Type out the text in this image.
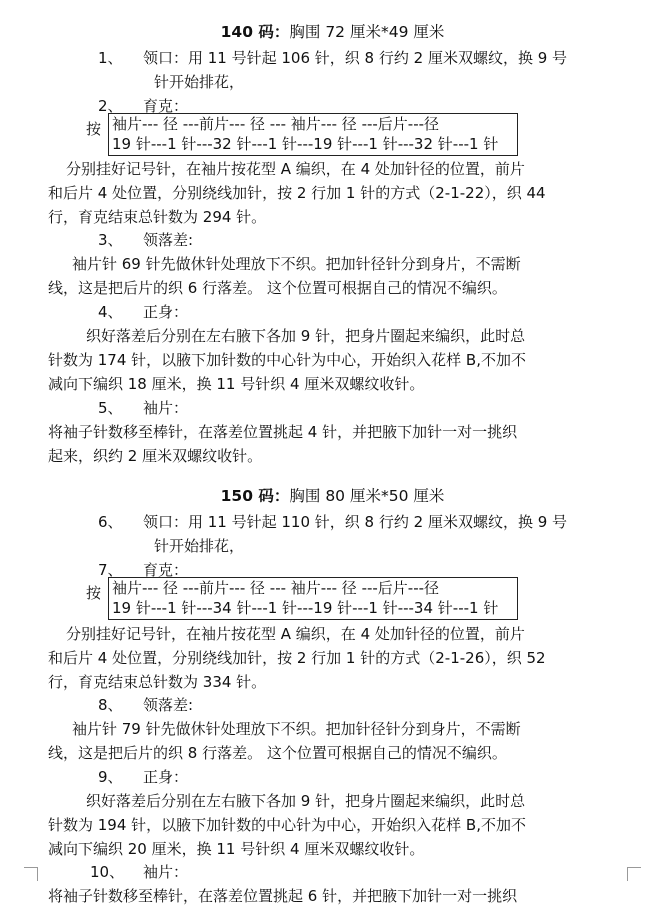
140 码：胸围 72 厘米*49 厘米
1、 领口：用 11 号针起 106 针，织 8 行约 2 厘米双螺纹，换 9 号
针开始排花，
2、 育克：
按 袖片--- 径 ---前片--- 径 --- 袖片--- 径 ---后片---径
19 针---1 针---32 针---1 针---19 针---1 针---32 针---1 针
分别挂好记号针，在袖片按花型 A 编织，在 4 处加针径的位置，前片
和后片 4 处位置，分别绕线加针，按 2 行加 1 针的方式（2-1-22），织 44
行，育克结束总针数为 294 针。
3、 领落差:
袖片针 69 针先做休针处理放下不织。把加针径针分到身片，不需断
线，这是把后片的织 6 行落差。 这个位置可根据自己的情况不编织。
4、 正身：
织好落差后分别在左右腋下各加 9 针，把身片圈起来编织，此时总
针数为 174 针，以腋下加针数的中心针为中心，开始织入花样 B,不加不
减向下编织 18 厘米，换 11 号针织 4 厘米双螺纹收针。
5、 袖片：
将袖子针数移至棒针，在落差位置挑起 4 针，并把腋下加针一对一挑织
起来，织约 2 厘米双螺纹收针。
150 码：胸围 80 厘米*50 厘米
6、 领口：用 11 号针起 110 针，织 8 行约 2 厘米双螺纹，换 9 号
针开始排花，
7、 育克：
按 袖片--- 径 ---前片--- 径 --- 袖片--- 径 ---后片---径
19 针---1 针---34 针---1 针---19 针---1 针---34 针---1 针
分别挂好记号针，在袖片按花型 A 编织，在 4 处加针径的位置，前片
和后片 4 处位置，分别绕线加针，按 2 行加 1 针的方式（2-1-26），织 52
行，育克结束总针数为 334 针。
8、 领落差:
袖片针 79 针先做休针处理放下不织。把加针径针分到身片，不需断
线，这是把后片的织 8 行落差。 这个位置可根据自己的情况不编织。
9、 正身：
织好落差后分别在左右腋下各加 9 针，把身片圈起来编织，此时总
针数为 194 针，以腋下加针数的中心针为中心，开始织入花样 B,不加不
减向下编织 20 厘米，换 11 号针织 4 厘米双螺纹收针。
10、 袖片：
将袖子针数移至棒针，在落差位置挑起 6 针，并把腋下加针一对一挑织
